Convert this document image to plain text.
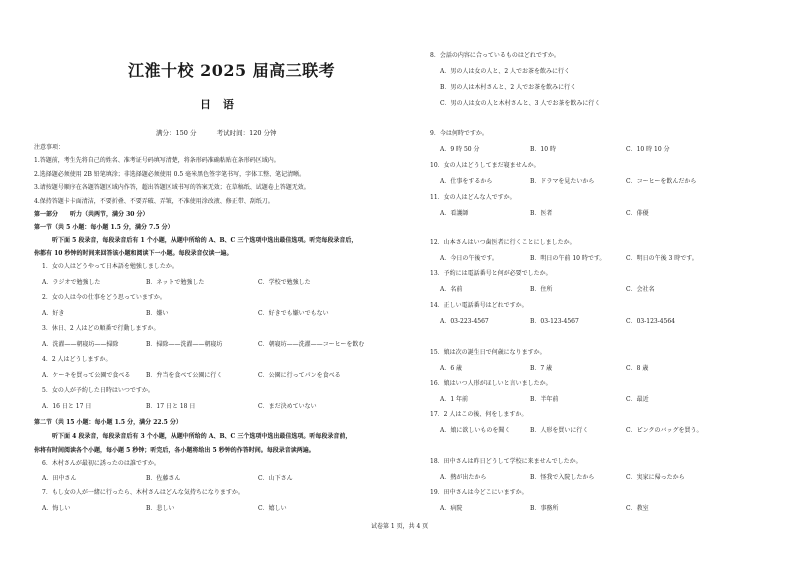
江淮十校 2025 届高三联考
日 语
满分：150 分	考试时间：120 分钟
注意事项：
1.答题前，考生先将自己的姓名、准考证号码填写清楚，将条形码准确粘贴在条形码区域内。
2.选择题必须使用 2B 铅笔填涂；非选择题必须使用 0.5 毫米黑色签字笔书写，字体工整、笔记清晰。
3.请按题号顺序在各题答题区域内作答，超出答题区域书写的答案无效；在草稿纸、试题卷上答题无效。
4.保持答题卡卡面清洁，不要折叠、不要弄破、弄皱，不准使用涂改液、修正带、刮纸刀。
第一部分　　听力（共两节，满分 30 分）
第一节（共 5 小题：每小题 1.5 分，满分 7.5 分）
听下面 5 段录音，每段录音后有 1 个小题，从题中所给的 A、B、C 三个选项中选出最佳选项。听完每段录音后，
你都有 10 秒钟的时间来回答该小题和阅读下一小题。每段录音仅读一遍。
1．女の人はどうやって日本語を勉強しましたか。
A．ラジオで勉強した	B．ネットで勉強した	C．学校で勉強した
2．女の人は今の仕事をどう思っていますか。
A．好き	B．嫌い	C．好きでも嫌いでもない
3．休日、2 人はどの順番で行動しますか。
A．洗濯——朝寝坊——掃除	B．掃除——洗濯——朝寝坊	C．朝寝坊——洗濯——コーヒーを飲む
4．2 人はどうしますか。
A．ケーキを買って公園で食べる	B．弁当を食べて公園に行く	C．公園に行ってパンを食べる
5．女の人が予約した日時はいつですか。
A．16 日と 17 日	B．17 日と 18 日	C．まだ決めていない
第二节（共 15 小题：每小题 1.5 分，满分 22.5 分）
听下面 4 段录音，每段录音后有 3 个小题，从题中所给的 A、B、C 三个选项中选出最佳选项。听每段录音前，
你将有时间阅读各个小题，每小题 5 秒钟；听完后，各小题将给出 5 秒钟的作答时间。每段录音读两遍。
6．木村さんが最初に誘ったのは誰ですか。
A．田中さん	B．佐藤さん	C．山下さん
7．もし女の人が一緒に行ったら、木村さんはどんな気持ちになりますか。
A．悔しい	B．悲しい	C．嬉しい
8．会話の内容に合っているものはどれですか。
A．男の人は女の人と、2 人でお茶を飲みに行く
B．男の人は木村さんと、2 人でお茶を飲みに行く
C．男の人は女の人と木村さんと、3 人でお茶を飲みに行く
9．今は何時ですか。
A．9 時 50 分	B．10 時	C．10 時 10 分
10．女の人はどうしてまだ寝ませんか。
A．仕事をするから	B．ドラマを見たいから	C．コーヒーを飲んだから
11．女の人はどんな人ですか。
A．看護師	B．医者	C．俳優
12．山本さんはいつ歯医者に行くことにしましたか。
A．今日の午後です。	B．明日の午前 10 時です。	C．明日の午後 3 時です。
13．予約には電話番号と何が必要でしたか。
A．名前	B．住所	C．会社名
14．正しい電話番号はどれですか。
A．03-223-4567	B．03-123-4567	C．03-123-4564
15．娘は次の誕生日で何歳になりますか。
A．6 歳	B．7 歳	C．8 歳
16．娘はいつ人形がほしいと言いましたか。
A．1 年前	B．半年前	C．最近
17．2 人はこの後、何をしますか。
A．娘に欲しいものを聞く	B．人形を買いに行く	C．ピンクのバッグを買う。
18．田中さんは昨日どうして学校に来ませんでしたか。
A．熱が出たから	B．怪我で入院したから	C．実家に帰ったから
19．田中さんは今どこにいますか。
A．病院	B．事務所	C．教室
试卷第 1 页，共 4 页
